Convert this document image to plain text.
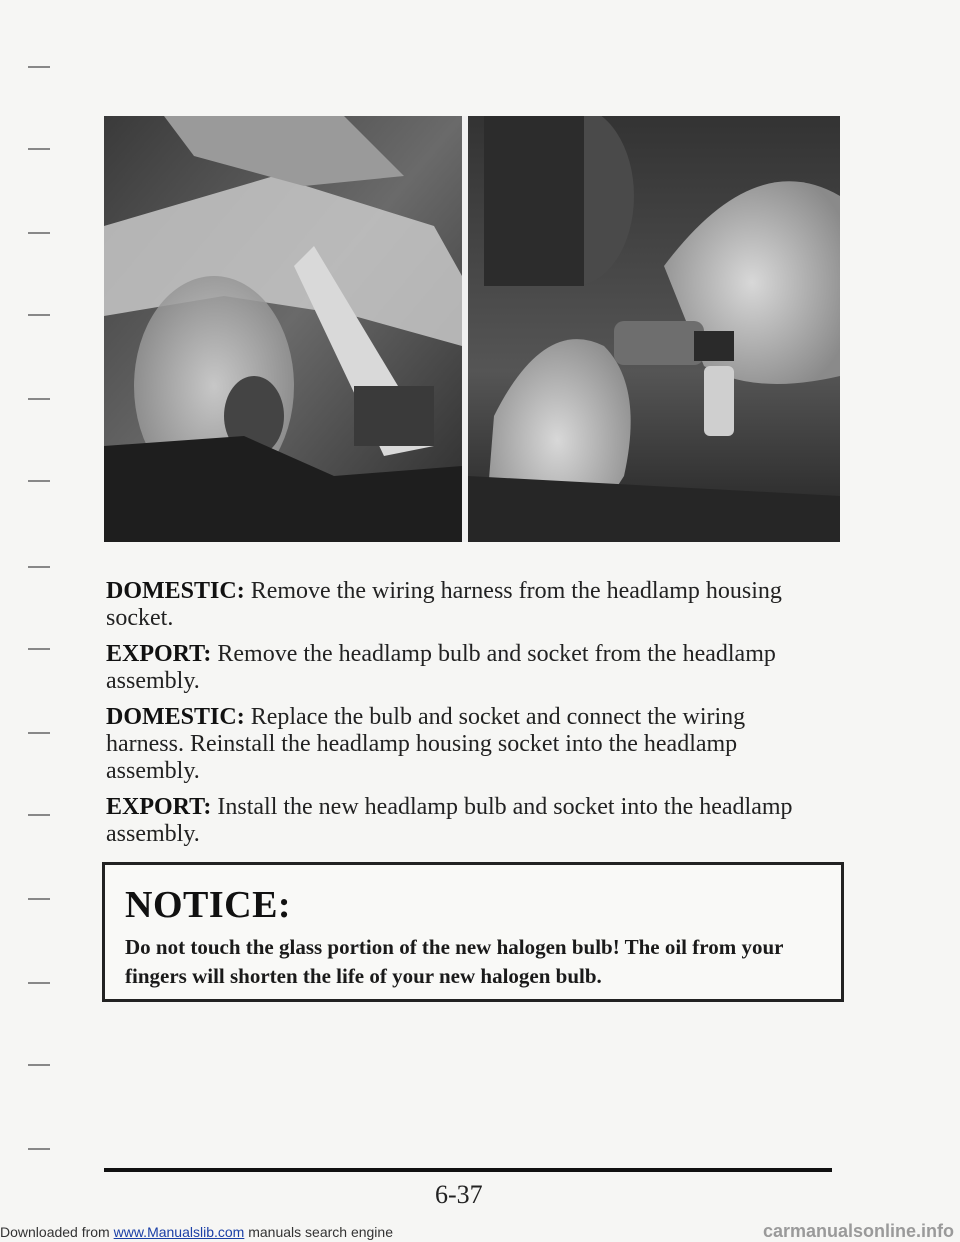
DOMESTIC: Remove the wiring harness from the headlamp housing socket.

EXPORT: Remove the headlamp bulb and socket from the headlamp assembly.

DOMESTIC: Replace the bulb and socket and connect the wiring harness. Reinstall the headlamp housing socket into the headlamp assembly.

EXPORT: Install the new headlamp bulb and socket into the headlamp assembly.

NOTICE:
Do not touch the glass portion of the new halogen bulb! The oil from your fingers will shorten the life of your new halogen bulb.
6-37
Downloaded from www.Manualslib.com manuals search engine	carmanualsonline.info
